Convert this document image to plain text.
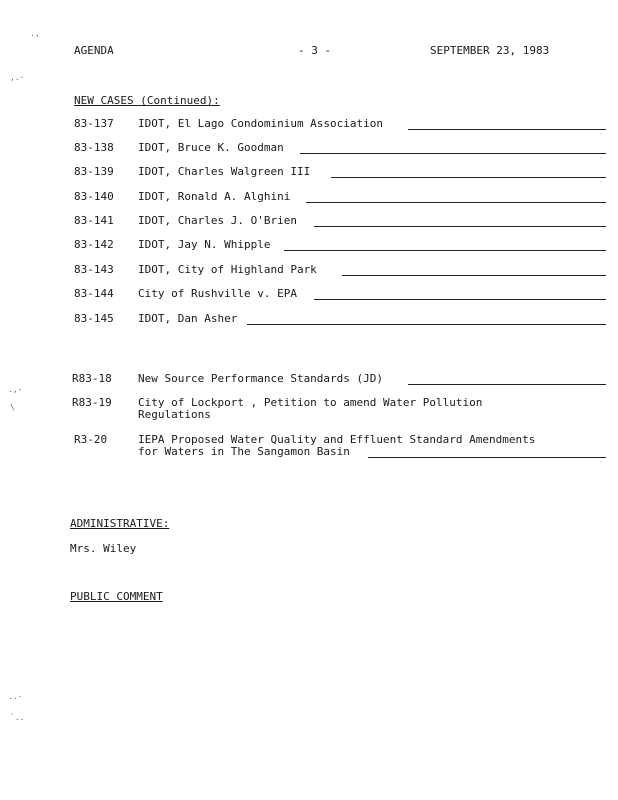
.,
,.·
.,-
\
..·
`..
AGENDA	- 3 -	SEPTEMBER 23, 1983
NEW CASES (Continued):
83-137 IDOT, El Lago Condominium Association
83-138 IDOT, Bruce K. Goodman
83-139 IDOT, Charles Walgreen III
83-140 IDOT, Ronald A. Alghini
83-141 IDOT, Charles J. O'Brien
83-142 IDOT, Jay N. Whipple
83-143 IDOT, City of Highland Park
83-144 City of Rushville v. EPA
83-145 IDOT, Dan Asher
R83-18 New Source Performance Standards (JD)
R83-19 City of Lockport , Petition to amend Water Pollution
Regulations
R3-20	IEPA Proposed Water Quality and Effluent Standard Amendments
for Waters in The Sangamon Basin
ADMINISTRATIVE:
Mrs. Wiley
PUBLIC COMMENT
